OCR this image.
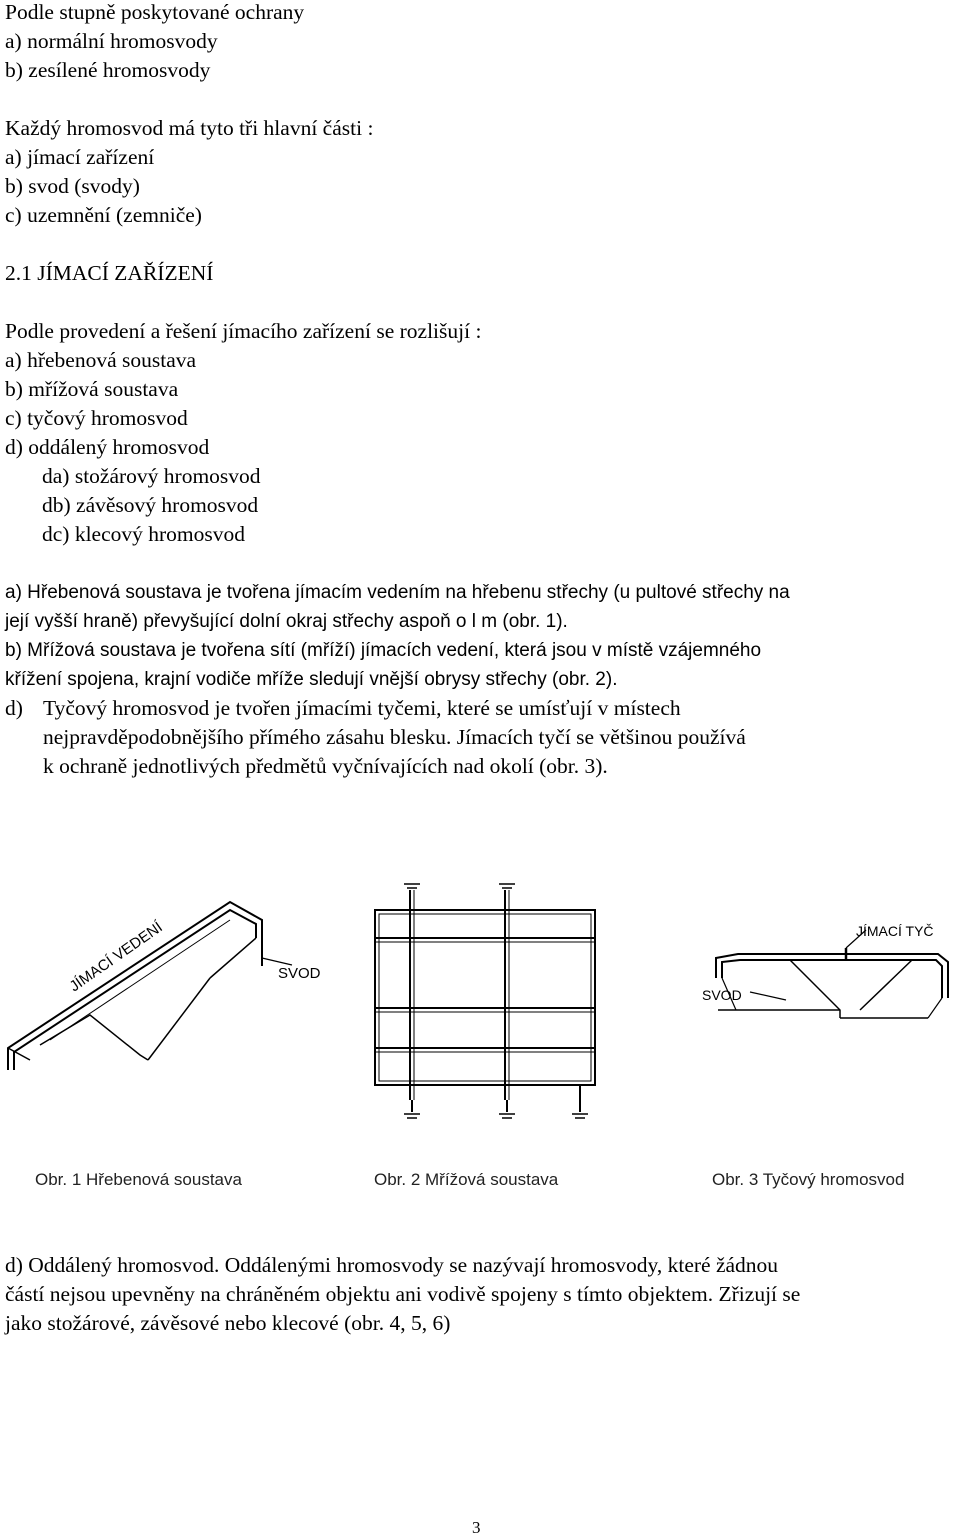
Podle stupně poskytované ochrany
a) normální hromosvody
b) zesílené hromosvody
Každý hromosvod má tyto tři hlavní části :
a) jímací zařízení
b) svod (svody)
c) uzemnění (zemniče)
2.1 JÍMACÍ ZAŘÍZENÍ
Podle provedení a řešení jímacího zařízení se rozlišují :
a) hřebenová soustava
b) mřížová soustava
c) tyčový hromosvod
d) oddálený hromosvod
da) stožárový hromosvod
db) závěsový hromosvod
dc) klecový hromosvod
a) Hřebenová soustava je tvořena jímacím vedením na hřebenu střechy (u pultové střechy na
její vyšší hraně) převyšující dolní okraj střechy aspoň o l m (obr. 1).
b) Mřížová soustava je tvořena sítí (mříží) jímacích vedení, která jsou v místě vzájemného
křížení spojena, krajní vodiče mříže sledují vnější obrysy střechy (obr. 2).
d) Tyčový hromosvod je tvořen jímacími tyčemi, které se umísťují v místech
nejpravděpodobnějšího přímého zásahu blesku. Jímacích tyčí se většinou používá
k ochraně jednotlivých předmětů vyčnívajících nad okolí (obr. 3).
JÍMACÍ VEDENÍ	SVOD
JÍMACÍ TYČ
SVOD
Obr. 1 Hřebenová soustava	Obr. 2 Mřížová soustava	Obr. 3 Tyčový hromosvod
d) Oddálený hromosvod. Oddálenými hromosvody se nazývají hromosvody, které žádnou
částí nejsou upevněny na chráněném objektu ani vodivě spojeny s tímto objektem. Zřizují se
jako stožárové, závěsové nebo klecové (obr. 4, 5, 6)
3
